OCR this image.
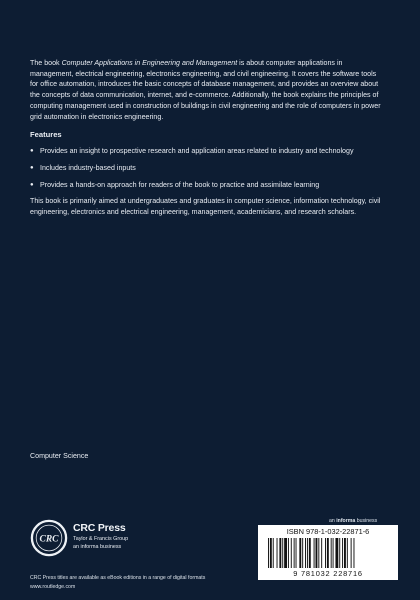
The book Computer Applications in Engineering and Management is about computer applications in management, electrical engineering, electronics engineering, and civil engineering. It covers the software tools for office automation, introduces the basic concepts of database management, and provides an overview about the concepts of data communication, internet, and e-commerce. Additionally, the book explains the principles of computing management used in construction of buildings in civil engineering and the role of computers in power grid automation in electronics engineering.

Features

● Provides an insight to prospective research and application areas related to industry and technology
● Includes industry-based inputs
● Provides a hands-on approach for readers of the book to practice and assimilate learning

This book is primarily aimed at undergraduates and graduates in computer science, information technology, civil engineering, electronics and electrical engineering, management, academicians, and research scholars.

Computer Science

CRC
CRC Press
Taylor & Francis Group
an informa business
CRC Press titles are available as eBook editions in a range of digital formats
www.routledge.com
an informa business
ISBN 978-1-032-22871-6
9 781032 228716
